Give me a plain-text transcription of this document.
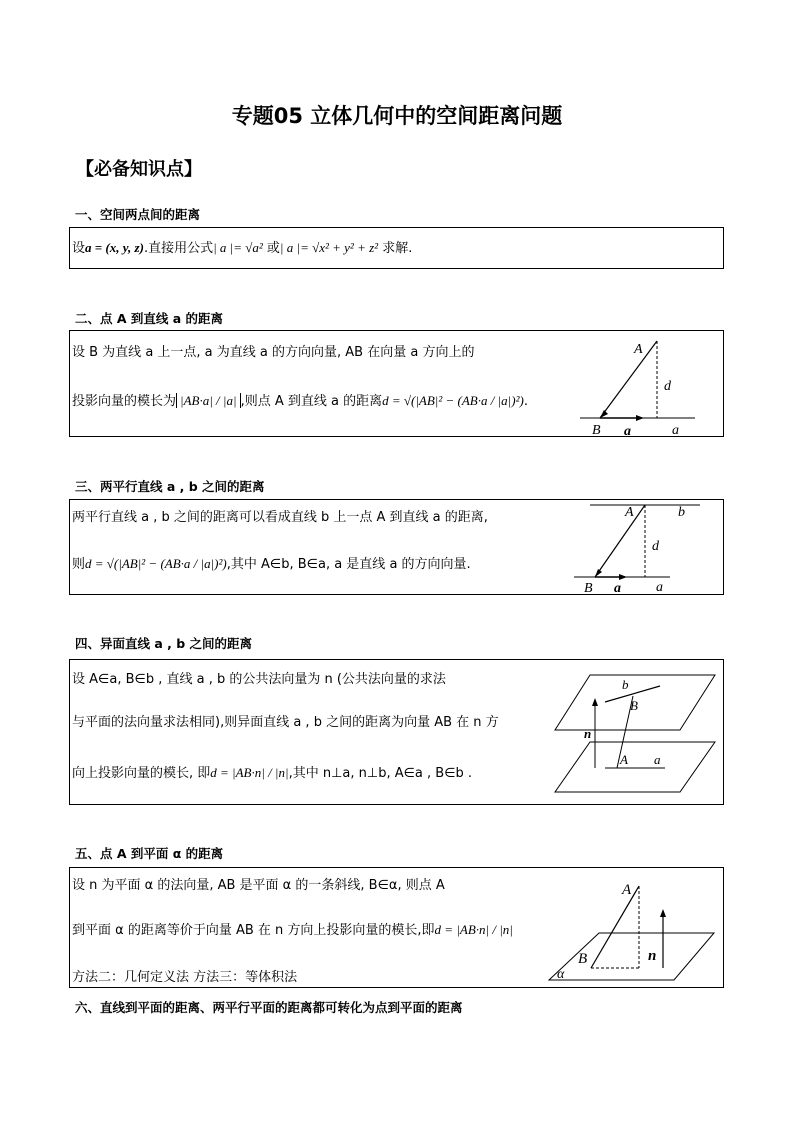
专题05 立体几何中的空间距离问题
【必备知识点】
一、空间两点间的距离
设a = (x, y, z).直接用公式| a |= √a² 或| a |= √x² + y² + z² 求解.
二、点 A 到直线 a 的距离
设 B 为直线 a 上一点, a 为直线 a 的方向向量, AB 在向量 a 方向上的
投影向量的模长为 |AB·a| / |a| ,则点 A 到直线 a 的距离d = √(|AB|² − (AB·a / |a|)²).
A
B a	a
d
三、两平行直线 a , b 之间的距离
两平行直线 a , b 之间的距离可以看成直线 b 上一点 A 到直线 a 的距离,
则d = √(|AB|² − (AB·a / |a|)²),其中 A∈b, B∈a, a 是直线 a 的方向向量.
A	b
d
B a	a
四、异面直线 a , b 之间的距离
设 A∈a, B∈b , 直线 a , b 的公共法向量为 n (公共法向量的求法
与平面的法向量求法相同),则异面直线 a , b 之间的距离为向量 AB 在 n 方
向上投影向量的模长, 即d = |AB·n| / |n|,其中 n⊥a, n⊥b, A∈a , B∈b .
b
B
n
A a
五、点 A 到平面 α 的距离
设 n 为平面 α 的法向量, AB 是平面 α 的一条斜线, B∈α, 则点 A
到平面 α 的距离等价于向量 AB 在 n 方向上投影向量的模长,即d = |AB·n| / |n|
方法二：几何定义法 方法三：等体积法
A
B	n
α
六、直线到平面的距离、两平行平面的距离都可转化为点到平面的距离
